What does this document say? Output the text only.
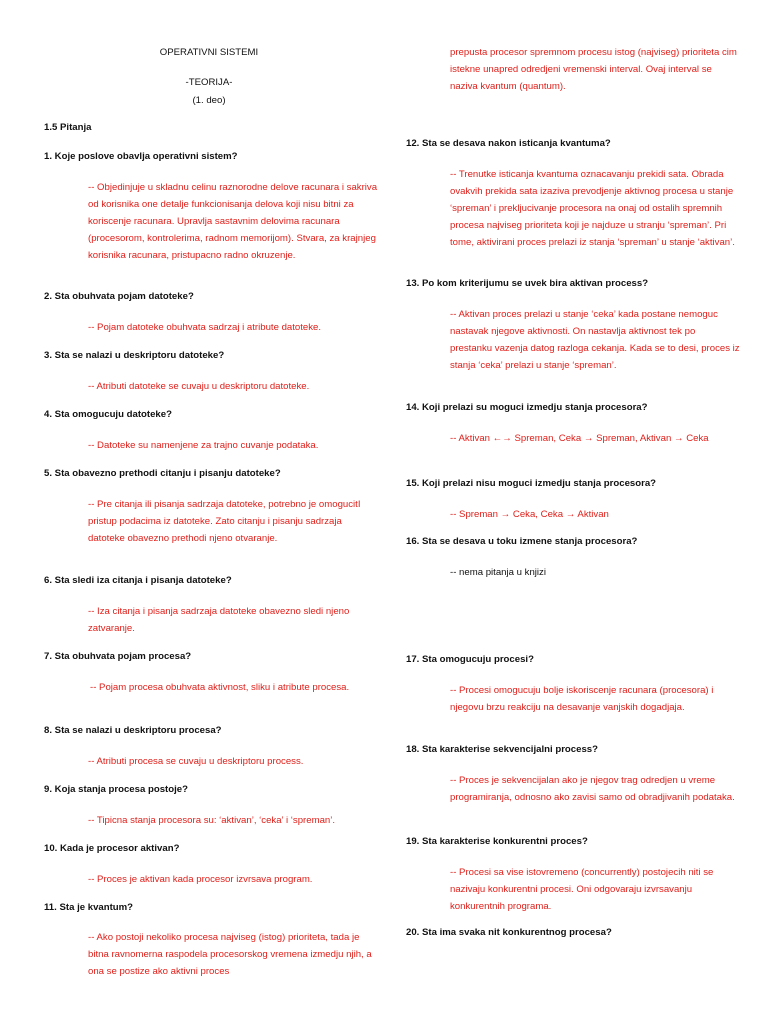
OPERATIVNI SISTEMI
-TEORIJA-
(1. deo)
1.5 Pitanja
1. Koje poslove obavlja operativni sistem?
-- Objedinjuje u skladnu celinu raznorodne delove racunara i sakriva od korisnika one detalje funkcionisanja delova koji nisu bitni za koriscenje racunara. Upravlja sastavnim delovima racunara (procesorom, kontrolerima, radnom memorijom). Stvara, za krajnjeg korisnika racunara, pristupacno radno okruzenje.
2. Sta obuhvata pojam datoteke?
-- Pojam datoteke obuhvata sadrzaj i atribute datoteke.
3. Sta se nalazi u deskriptoru datoteke?
-- Atributi datoteke se cuvaju u deskriptoru datoteke.
4. Sta omogucuju datoteke?
-- Datoteke su namenjene za trajno cuvanje podataka.
5. Sta obavezno prethodi citanju i pisanju datoteke?
-- Pre citanja ili pisanja sadrzaja datoteke, potrebno je omogucitI pristup podacima iz datoteke. Zato citanju i pisanju sadrzaja datoteke obavezno prethodi njeno otvaranje.
6. Sta sledi iza citanja i pisanja datoteke?
-- Iza citanja i pisanja sadrzaja datoteke obavezno sledi njeno zatvaranje.
7. Sta obuhvata pojam procesa?
-- Pojam procesa obuhvata aktivnost, sliku i atribute procesa.
8. Sta se nalazi u deskriptoru procesa?
-- Atributi procesa se cuvaju u deskriptoru process.
9. Koja stanja procesa postoje?
-- Tipicna stanja procesora su: ‘aktivan’, ‘ceka’ i ‘spreman’.
10. Kada je procesor aktivan?
-- Proces je aktivan kada procesor izvrsava program.
11. Sta je kvantum?
-- Ako postoji nekoliko procesa najviseg (istog) prioriteta, tada je bitna ravnomerna raspodela procesorskog vremena izmedju njih, a ona se postize ako aktivni proces
prepusta procesor spremnom procesu istog (najviseg) prioriteta cim istekne unapred odredjeni vremenski interval. Ovaj interval se naziva kvantum (quantum).
12. Sta se desava nakon isticanja kvantuma?
-- Trenutke isticanja kvantuma oznacavanju prekidi sata. Obrada ovakvih prekida sata izaziva prevodjenje aktivnog procesa u stanje ‘spreman’ i prekljucivanje procesora na onaj od ostalih spremnih procesa najviseg prioriteta koji je najduze u stranju ‘spreman’. Pri tome, aktivirani proces prelazi iz stanja ‘spreman’ u stanje ‘aktivan’.
13. Po kom kriterijumu se uvek bira aktivan process?
-- Aktivan proces prelazi u stanje ‘ceka’ kada postane nemoguc nastavak njegove aktivnosti. On nastavlja aktivnost tek po prestanku vazenja datog razloga cekanja. Kada se to desi, proces iz stanja ‘ceka’ prelazi u stanje ‘spreman’.
14. Koji prelazi su moguci izmedju stanja procesora?
-- Aktivan ←→ Spreman, Ceka → Spreman, Aktivan → Ceka
15. Koji prelazi nisu moguci izmedju stanja procesora?
-- Spreman → Ceka, Ceka → Aktivan
16. Sta se desava u toku izmene stanja procesora?
-- nema pitanja u knjizi
17. Sta omogucuju procesi?
-- Procesi omogucuju bolje iskoriscenje racunara (procesora) i njegovu brzu reakciju na desavanje vanjskih dogadjaja.
18. Sta karakterise sekvencijalni process?
-- Proces je sekvencijalan ako je njegov trag odredjen u vreme programiranja, odnosno ako zavisi samo od obradjivanih podataka.
19. Sta karakterise konkurentni proces?
-- Procesi sa vise istovremeno (concurrently) postojecih niti se nazivaju konkurentni procesi. Oni odgovaraju izvrsavanju konkurentnih programa.
20. Sta ima svaka nit konkurentnog procesa?
